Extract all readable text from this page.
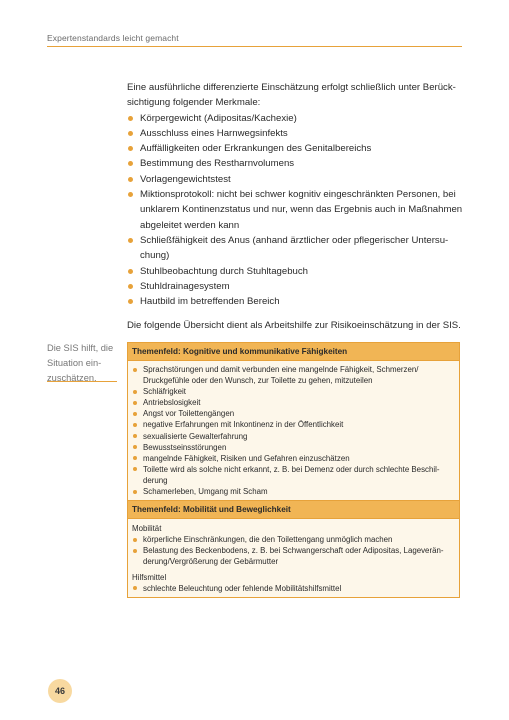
Expertenstandards leicht gemacht

Eine ausführliche differenzierte Einschätzung erfolgt schließlich unter Berücksichtigung folgender Merkmale:

Körpergewicht (Adipositas/Kachexie)
Ausschluss eines Harnwegsinfekts
Auffälligkeiten oder Erkrankungen des Genitalbereichs
Bestimmung des Restharnvolumens
Vorlagengewichtstest
Miktionsprotokoll: nicht bei schwer kognitiv eingeschränkten Personen, bei unklarem Kontinenzstatus und nur, wenn das Ergebnis auch in Maßnahmen abgeleitet werden kann
Schließfähigkeit des Anus (anhand ärztlicher oder pflegerischer Untersuchung)
Stuhlbeobachtung durch Stuhltagebuch
Stuhldrainagesystem
Hautbild im betreffenden Bereich

Die folgende Übersicht dient als Arbeitshilfe zur Risikoeinschätzung in der SIS.

Die SIS hilft, die Situation einzuschätzen.
Themenfeld: Kognitive und kommunikative Fähigkeiten
Sprachstörungen und damit verbunden eine mangelnde Fähigkeit, Schmerzen/ Druckgefühle oder den Wunsch, zur Toilette zu gehen, mitzuteilen
Schläfrigkeit
Antriebslosigkeit
Angst vor Toilettengängen
negative Erfahrungen mit Inkontinenz in der Öffentlichkeit
sexualisierte Gewalterfahrung
Bewusstseinsstörungen
mangelnde Fähigkeit, Risiken und Gefahren einzuschätzen
Toilette wird als solche nicht erkannt, z. B. bei Demenz oder durch schlechte Beschilderung
Schamerleben, Umgang mit Scham
Themenfeld: Mobilität und Beweglichkeit
Mobilität
körperliche Einschränkungen, die den Toilettengang unmöglich machen
Belastung des Beckenbodens, z. B. bei Schwangerschaft oder Adipositas, Lageveränderung/Vergrößerung der Gebärmutter
Hilfsmittel
schlechte Beleuchtung oder fehlende Mobilitätshilfsmittel
46
